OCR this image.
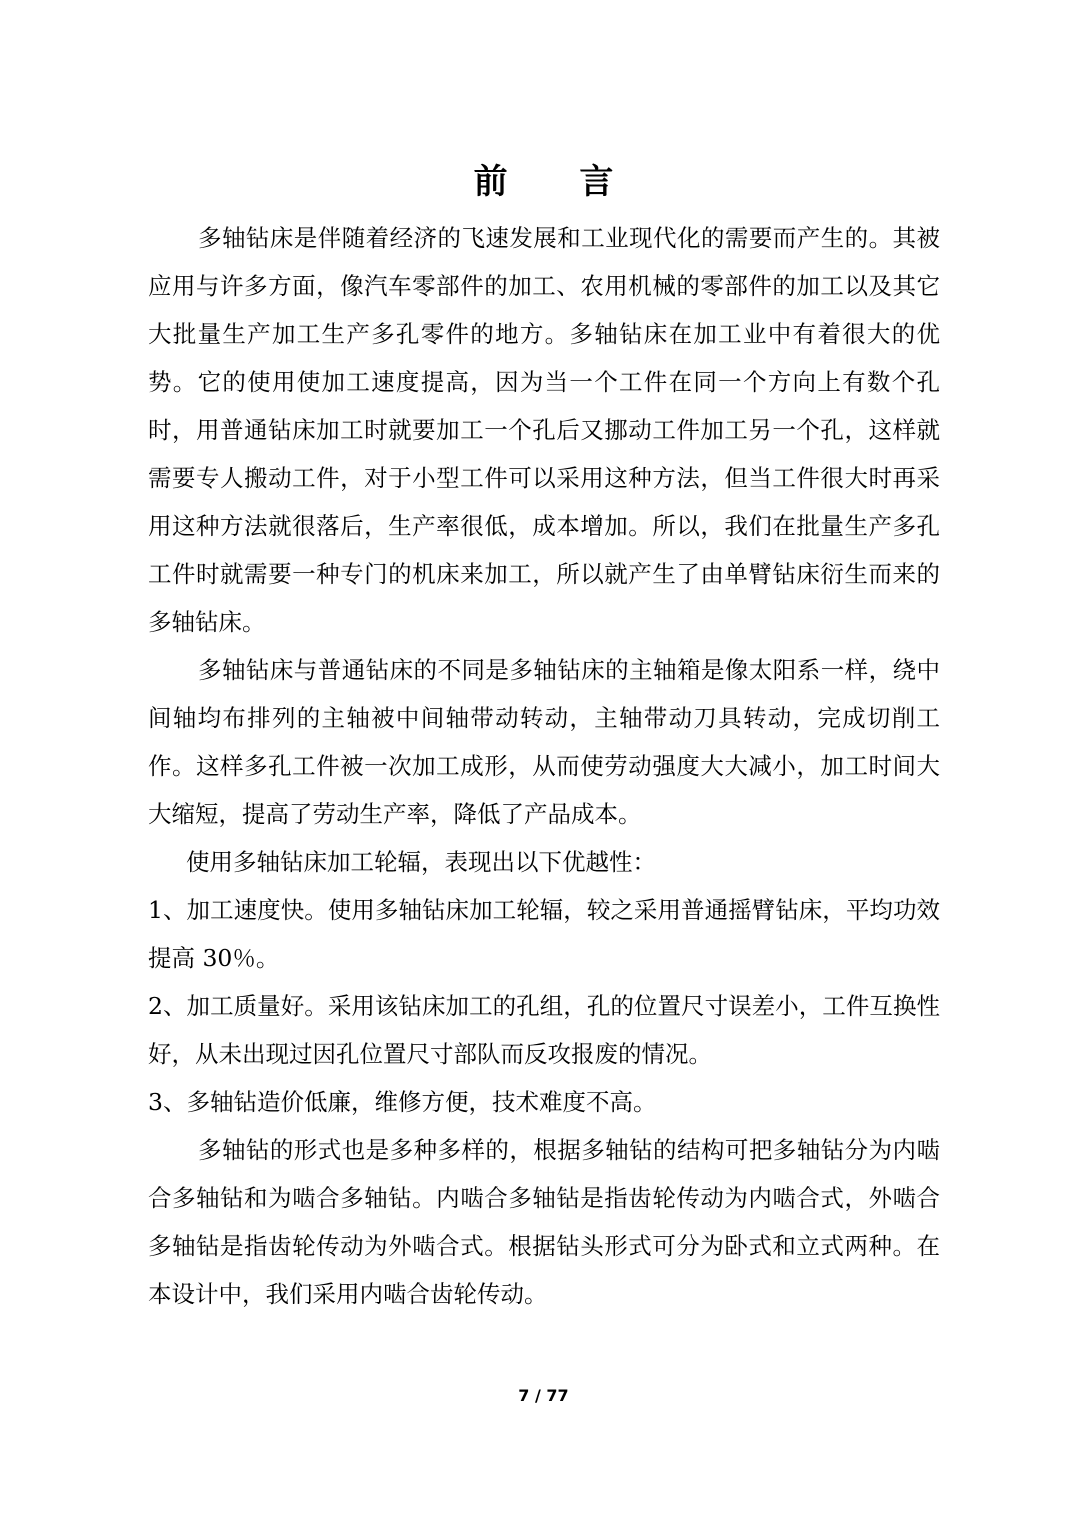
前 言

多轴钻床是伴随着经济的飞速发展和工业现代化的需要而产生的。其被应用与许多方面，像汽车零部件的加工、农用机械的零部件的加工以及其它大批量生产加工生产多孔零件的地方。多轴钻床在加工业中有着很大的优势。它的使用使加工速度提高，因为当一个工件在同一个方向上有数个孔时，用普通钻床加工时就要加工一个孔后又挪动工件加工另一个孔，这样就需要专人搬动工件，对于小型工件可以采用这种方法，但当工件很大时再采用这种方法就很落后，生产率很低，成本增加。所以，我们在批量生产多孔工件时就需要一种专门的机床来加工，所以就产生了由单臂钻床衍生而来的多轴钻床。

多轴钻床与普通钻床的不同是多轴钻床的主轴箱是像太阳系一样，绕中间轴均布排列的主轴被中间轴带动转动，主轴带动刀具转动，完成切削工作。这样多孔工件被一次加工成形，从而使劳动强度大大减小，加工时间大大缩短，提高了劳动生产率，降低了产品成本。

使用多轴钻床加工轮辐，表现出以下优越性：

1、加工速度快。使用多轴钻床加工轮辐，较之采用普通摇臂钻床，平均功效提高 30％。

2、加工质量好。采用该钻床加工的孔组，孔的位置尺寸误差小，工件互换性好，从未出现过因孔位置尺寸部队而反攻报废的情况。

3、多轴钻造价低廉，维修方便，技术难度不高。

多轴钻的形式也是多种多样的，根据多轴钻的结构可把多轴钻分为内啮合多轴钻和为啮合多轴钻。内啮合多轴钻是指齿轮传动为内啮合式，外啮合多轴钻是指齿轮传动为外啮合式。根据钻头形式可分为卧式和立式两种。在本设计中，我们采用内啮合齿轮传动。

7 / 77
